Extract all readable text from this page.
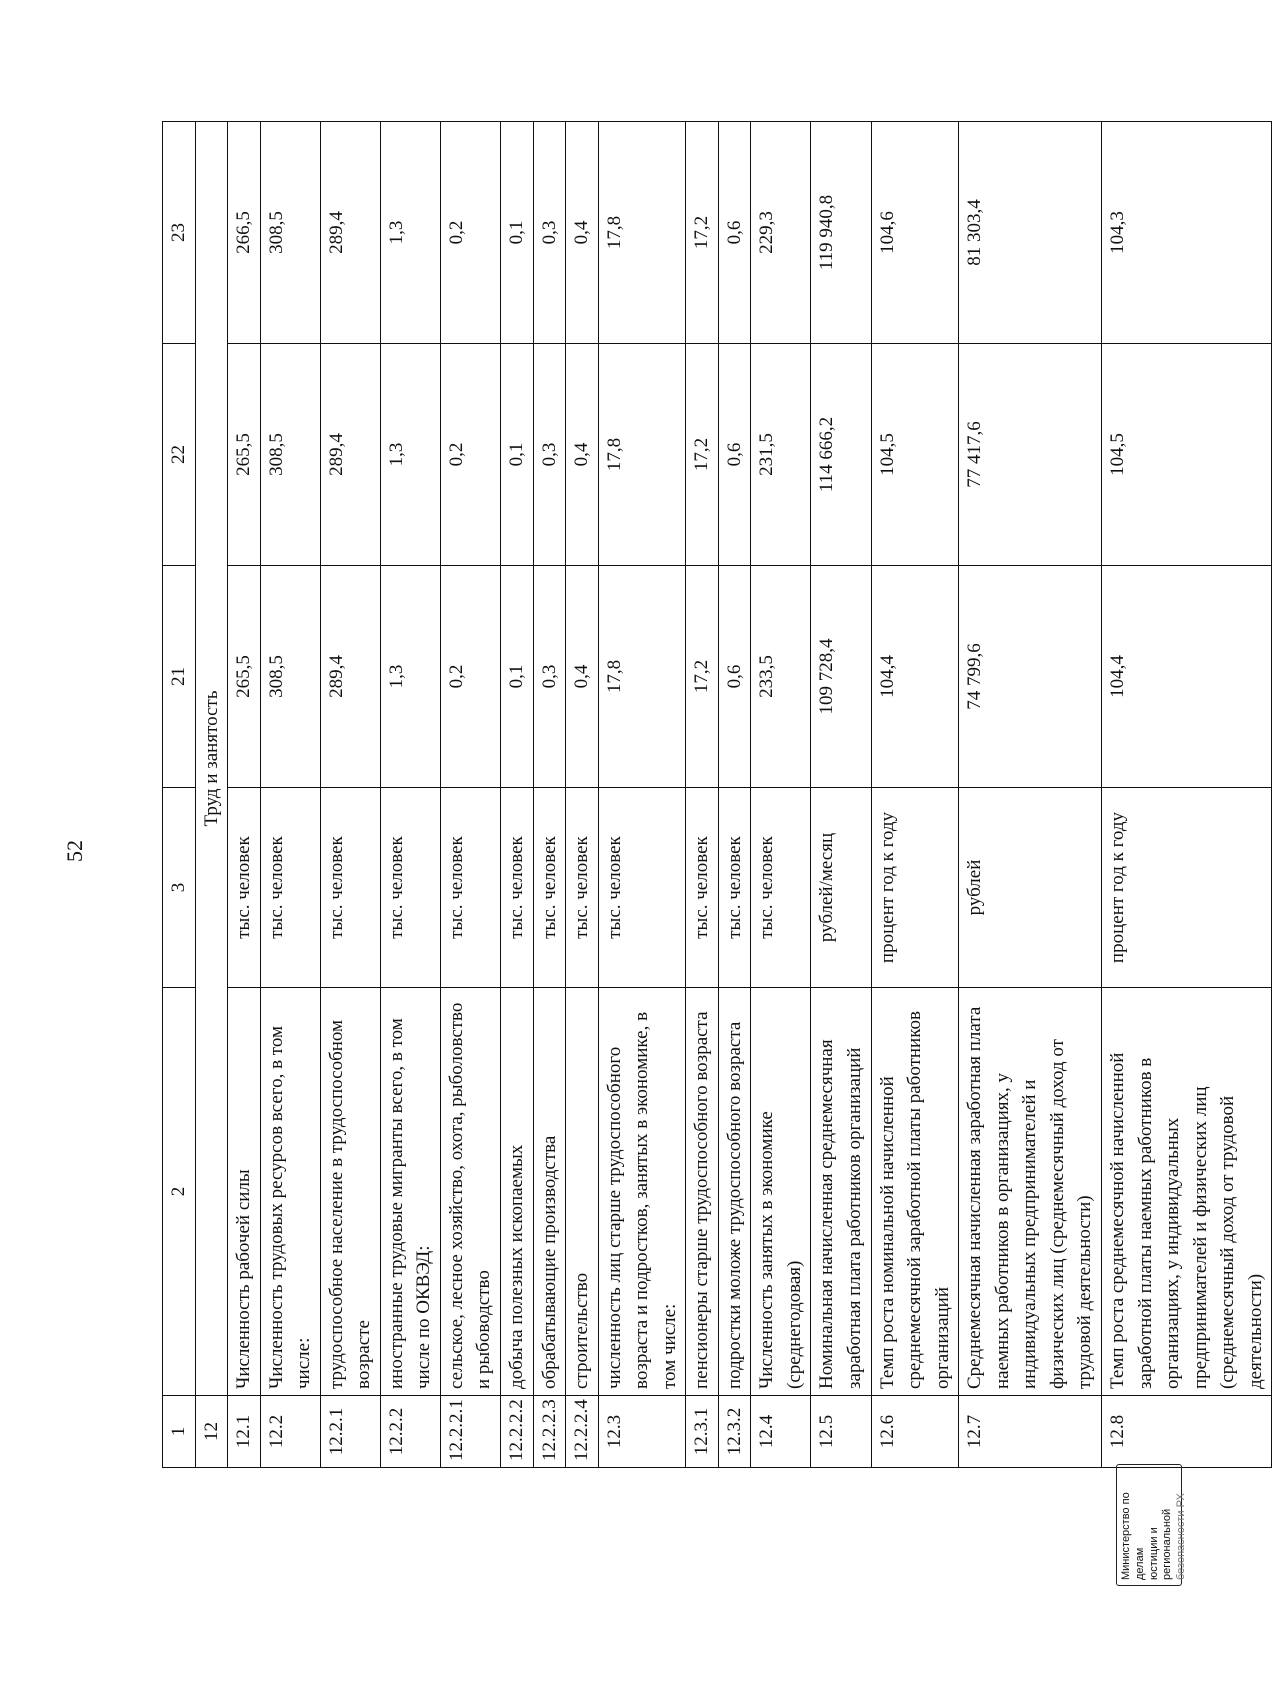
52
1	2	3	21	22	23
12	Труд и занятость				
12.1	Численность рабочей силы	тыс. человек	265,5	265,5	266,5
12.2	Численность трудовых ресурсов всего, в том числе:	тыс. человек	308,5	308,5	308,5
12.2.1	трудоспособное население в трудоспособном возрасте	тыс. человек	289,4	289,4	289,4
12.2.2	иностранные трудовые мигранты всего, в том числе по ОКВЭД:	тыс. человек	1,3	1,3	1,3
12.2.2.1	сельское, лесное хозяйство, охота, рыболовство и рыбоводство	тыс. человек	0,2	0,2	0,2
12.2.2.2	добыча полезных ископаемых	тыс. человек	0,1	0,1	0,1
12.2.2.3	обрабатывающие производства	тыс. человек	0,3	0,3	0,3
12.2.2.4	строительство	тыс. человек	0,4	0,4	0,4
12.3	численность лиц старше трудоспособного возраста и подростков, занятых в экономике, в том числе:	тыс. человек	17,8	17,8	17,8
12.3.1	пенсионеры старше трудоспособного возраста	тыс. человек	17,2	17,2	17,2
12.3.2	подростки моложе трудоспособного возраста	тыс. человек	0,6	0,6	0,6
12.4	Численность занятых в экономике (среднегодовая)	тыс. человек	233,5	231,5	229,3
12.5	Номинальная начисленная среднемесячная заработная плата работников организаций	рублей/месяц	109 728,4	114 666,2	119 940,8
12.6	Темп роста номинальной начисленной среднемесячной заработной платы работников организаций	процент год к году	104,4	104,5	104,6
12.7	Среднемесячная начисленная заработная плата наемных работников в организациях, у индивидуальных предпринимателей и физических лиц (среднемесячный доход от трудовой деятельности)	рублей	74 799,6	77 417,6	81 303,4
12.8	Темп роста среднемесячной начисленной заработной платы наемных работников в организациях, у индивидуальных предпринимателей и физических лиц (среднемесячный доход от трудовой деятельности)	процент год к году	104,4	104,5	104,3
Министерство по делам юстиции и региональной безопасности РХ
